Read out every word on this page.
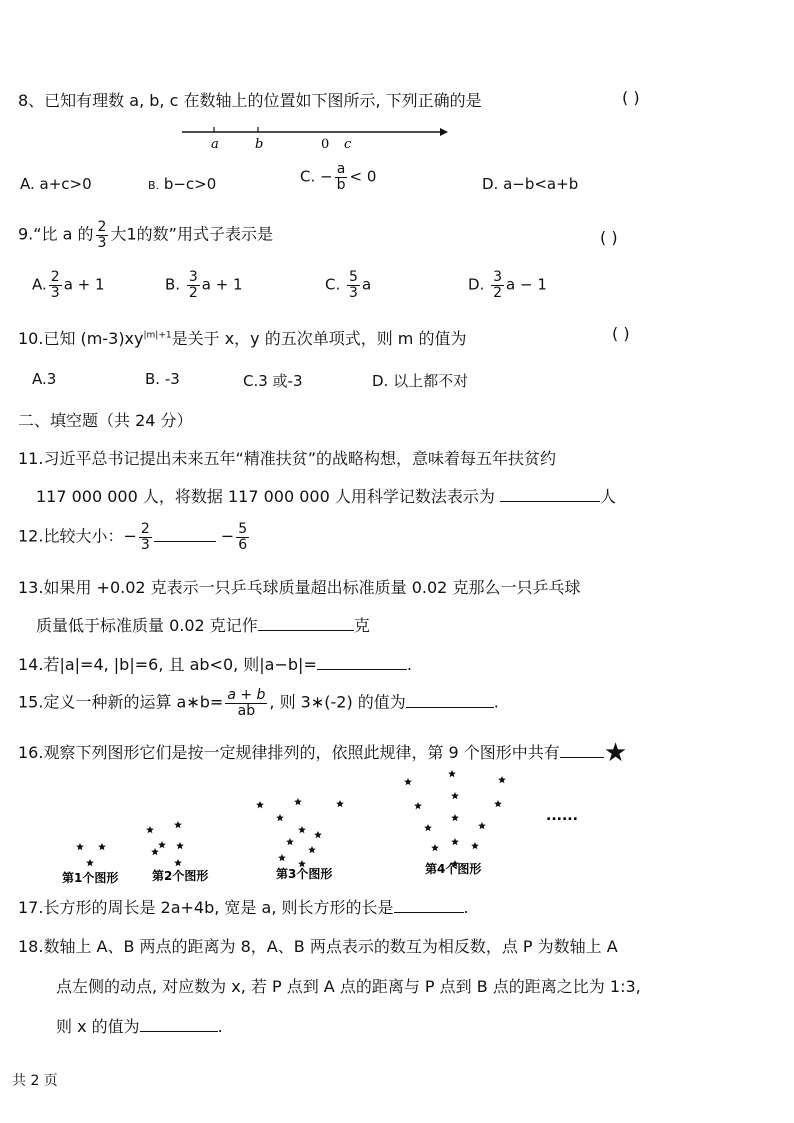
8、已知有理数 a, b, c 在数轴上的位置如下图所示, 下列正确的是	( )
a	b	0 c
A. a+c>0	B. b−c>0	C. − $\frac{a}{b} < 0$	D. a−b<a+b
9.“比 a 的 $\frac{2}{3}$ 大1的数”用式子表示是	( )
A. $\frac{2}{3}$ a + 1	B. $\frac{3}{2}$ a + 1	C. $\frac{5}{3}$ a	D. $\frac{3}{2}$ a − 1
10.已知 $(m-3)xy^{|m|+1}$是关于 x，y 的五次单项式，则 m 的值为	( )
A.3	B. -3	C.3 或-3	D. 以上都不对
二、填空题（共 24 分）
11.习近平总书记提出未来五年“精准扶贫”的战略构想，意味着每五年扶贫约
117 000 000 人，将数据 117 000 000 人用科学记数法表示为	人
12.比较大小：− $\frac{2}{3}$	− $\frac{5}{6}$
13.如果用 +0.02 克表示一只乒乓球质量超出标准质量 0.02 克那么一只乒乓球
质量低于标准质量 0.02 克记作	克
14.若|a|=4, |b|=6, 且 ab<0, 则|a−b|=	.
15.定义一种新的运算 a∗b= $\frac{a + b}{ab}$ , 则 3∗(-2) 的值为	.
16.观察下列图形它们是按一定规律排列的，依照此规律，第 9 个图形中共有 ★
第1个图形	第2个图形	第3个图形	第4个图形
......
17.长方形的周长是 2a+4b, 宽是 a, 则长方形的长是	.
18.数轴上 A、B 两点的距离为 8，A、B 两点表示的数互为相反数，点 P 为数轴上 A
点左侧的动点, 对应数为 x, 若 P 点到 A 点的距离与 P 点到 B 点的距离之比为 1:3,
则 x 的值为	.
共 2 页
